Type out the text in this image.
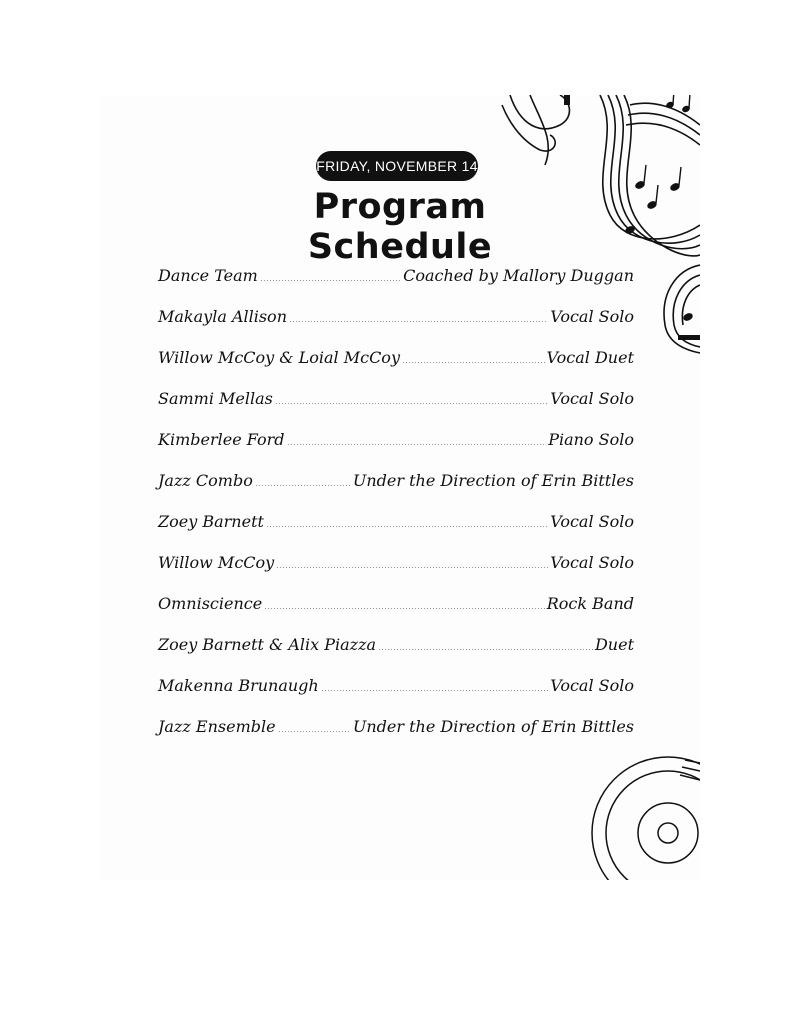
FRIDAY, NOVEMBER 14
Program Schedule
Dance Team	Coached by Mallory Duggan
Makayla Allison	Vocal Solo
Willow McCoy & Loial McCoy	Vocal Duet
Sammi Mellas	Vocal Solo
Kimberlee Ford	Piano Solo
Jazz Combo	Under the Direction of Erin Bittles
Zoey Barnett	Vocal Solo
Willow McCoy	Vocal Solo
Omniscience	Rock Band
Zoey Barnett & Alix Piazza	Duet
Makenna Brunaugh	Vocal Solo
Jazz Ensemble	Under the Direction of Erin Bittles
